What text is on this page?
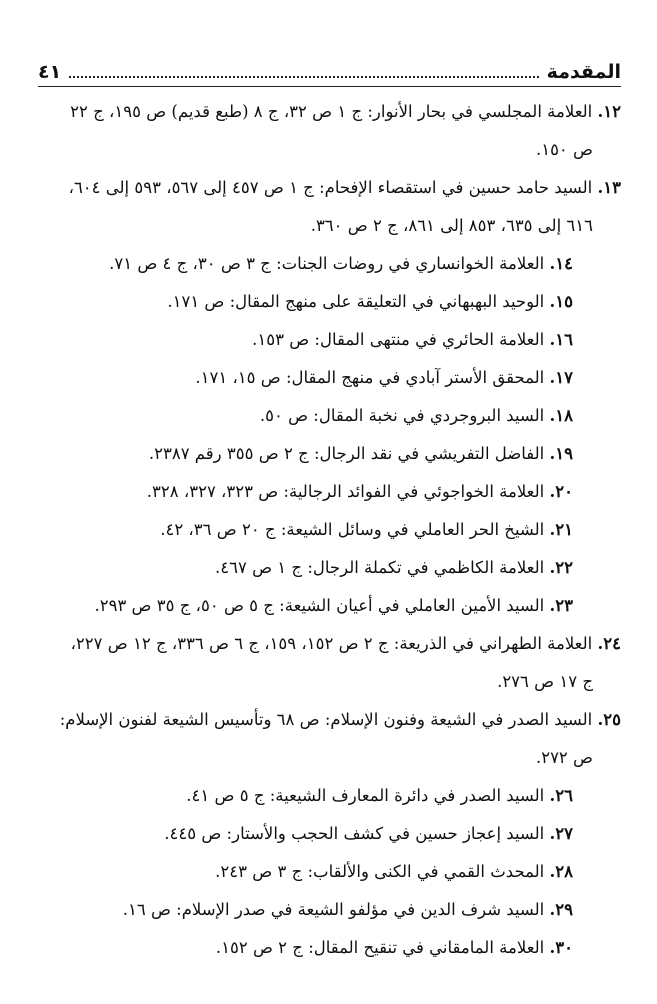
المقدمة
٤١
١٢. العلامة المجلسي في بحار الأنوار: ج ١ ص ٣٢، ج ٨ (طبع قديم) ص ١٩٥، ج ٢٢
ص ١٥٠.
١٣. السيد حامد حسين في استقصاء الإفحام: ج ١ ص ٤٥٧ إلى ٥٦٧، ٥٩٣ إلى ٦٠٤،
٦١٦ إلى ٦٣٥، ٨٥٣ إلى ٨٦١، ج ٢ ص ٣٦٠.
١٤. العلامة الخوانساري في روضات الجنات: ج ٣ ص ٣٠، ج ٤ ص ٧١.
١٥. الوحيد البهبهاني في التعليقة على منهج المقال: ص ١٧١.
١٦. العلامة الحائري في منتهى المقال: ص ١٥٣.
١٧. المحقق الأستر آبادي في منهج المقال: ص ١٥، ١٧١.
١٨. السيد البروجردي في نخبة المقال: ص ٥٠.
١٩. الفاضل التفريشي في نقد الرجال: ج ٢ ص ٣٥٥ رقم ٢٣٨٧.
٢٠. العلامة الخواجوئي في الفوائد الرجالية: ص ٣٢٣، ٣٢٧، ٣٢٨.
٢١. الشيخ الحر العاملي في وسائل الشيعة: ج ٢٠ ص ٣٦، ٤٢.
٢٢. العلامة الكاظمي في تكملة الرجال: ج ١ ص ٤٦٧.
٢٣. السيد الأمين العاملي في أعيان الشيعة: ج ٥ ص ٥٠، ج ٣٥ ص ٢٩٣.
٢٤. العلامة الطهراني في الذريعة: ج ٢ ص ١٥٢، ١٥٩، ج ٦ ص ٣٣٦، ج ١٢ ص ٢٢٧،
ج ١٧ ص ٢٧٦.
٢٥. السيد الصدر في الشيعة وفنون الإسلام: ص ٦٨ وتأسيس الشيعة لفنون الإسلام:
ص ٢٧٢.
٢٦. السيد الصدر في دائرة المعارف الشيعية: ج ٥ ص ٤١.
٢٧. السيد إعجاز حسين في كشف الحجب والأستار: ص ٤٤٥.
٢٨. المحدث القمي في الكنى والألقاب: ج ٣ ص ٢٤٣.
٢٩. السيد شرف الدين في مؤلفو الشيعة في صدر الإسلام: ص ١٦.
٣٠. العلامة المامقاني في تنقيح المقال: ج ٢ ص ١٥٢.
